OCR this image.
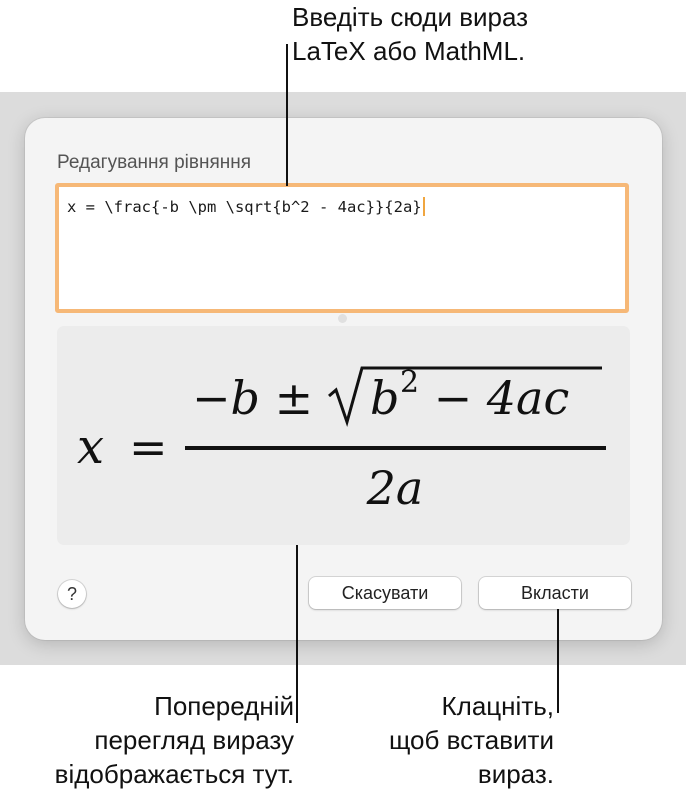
Редагування рівняння
x = \frac{-b \pm \sqrt{b^2 - 4ac}}{2a}
x =
−b ± b 2 − 4ac
2a
?	Скасувати	Вкласти
Введіть сюди вираз
LaTeX або MathML.
Попередній
перегляд виразу
відображається тут.
Клацніть,
щоб вставити
вираз.
